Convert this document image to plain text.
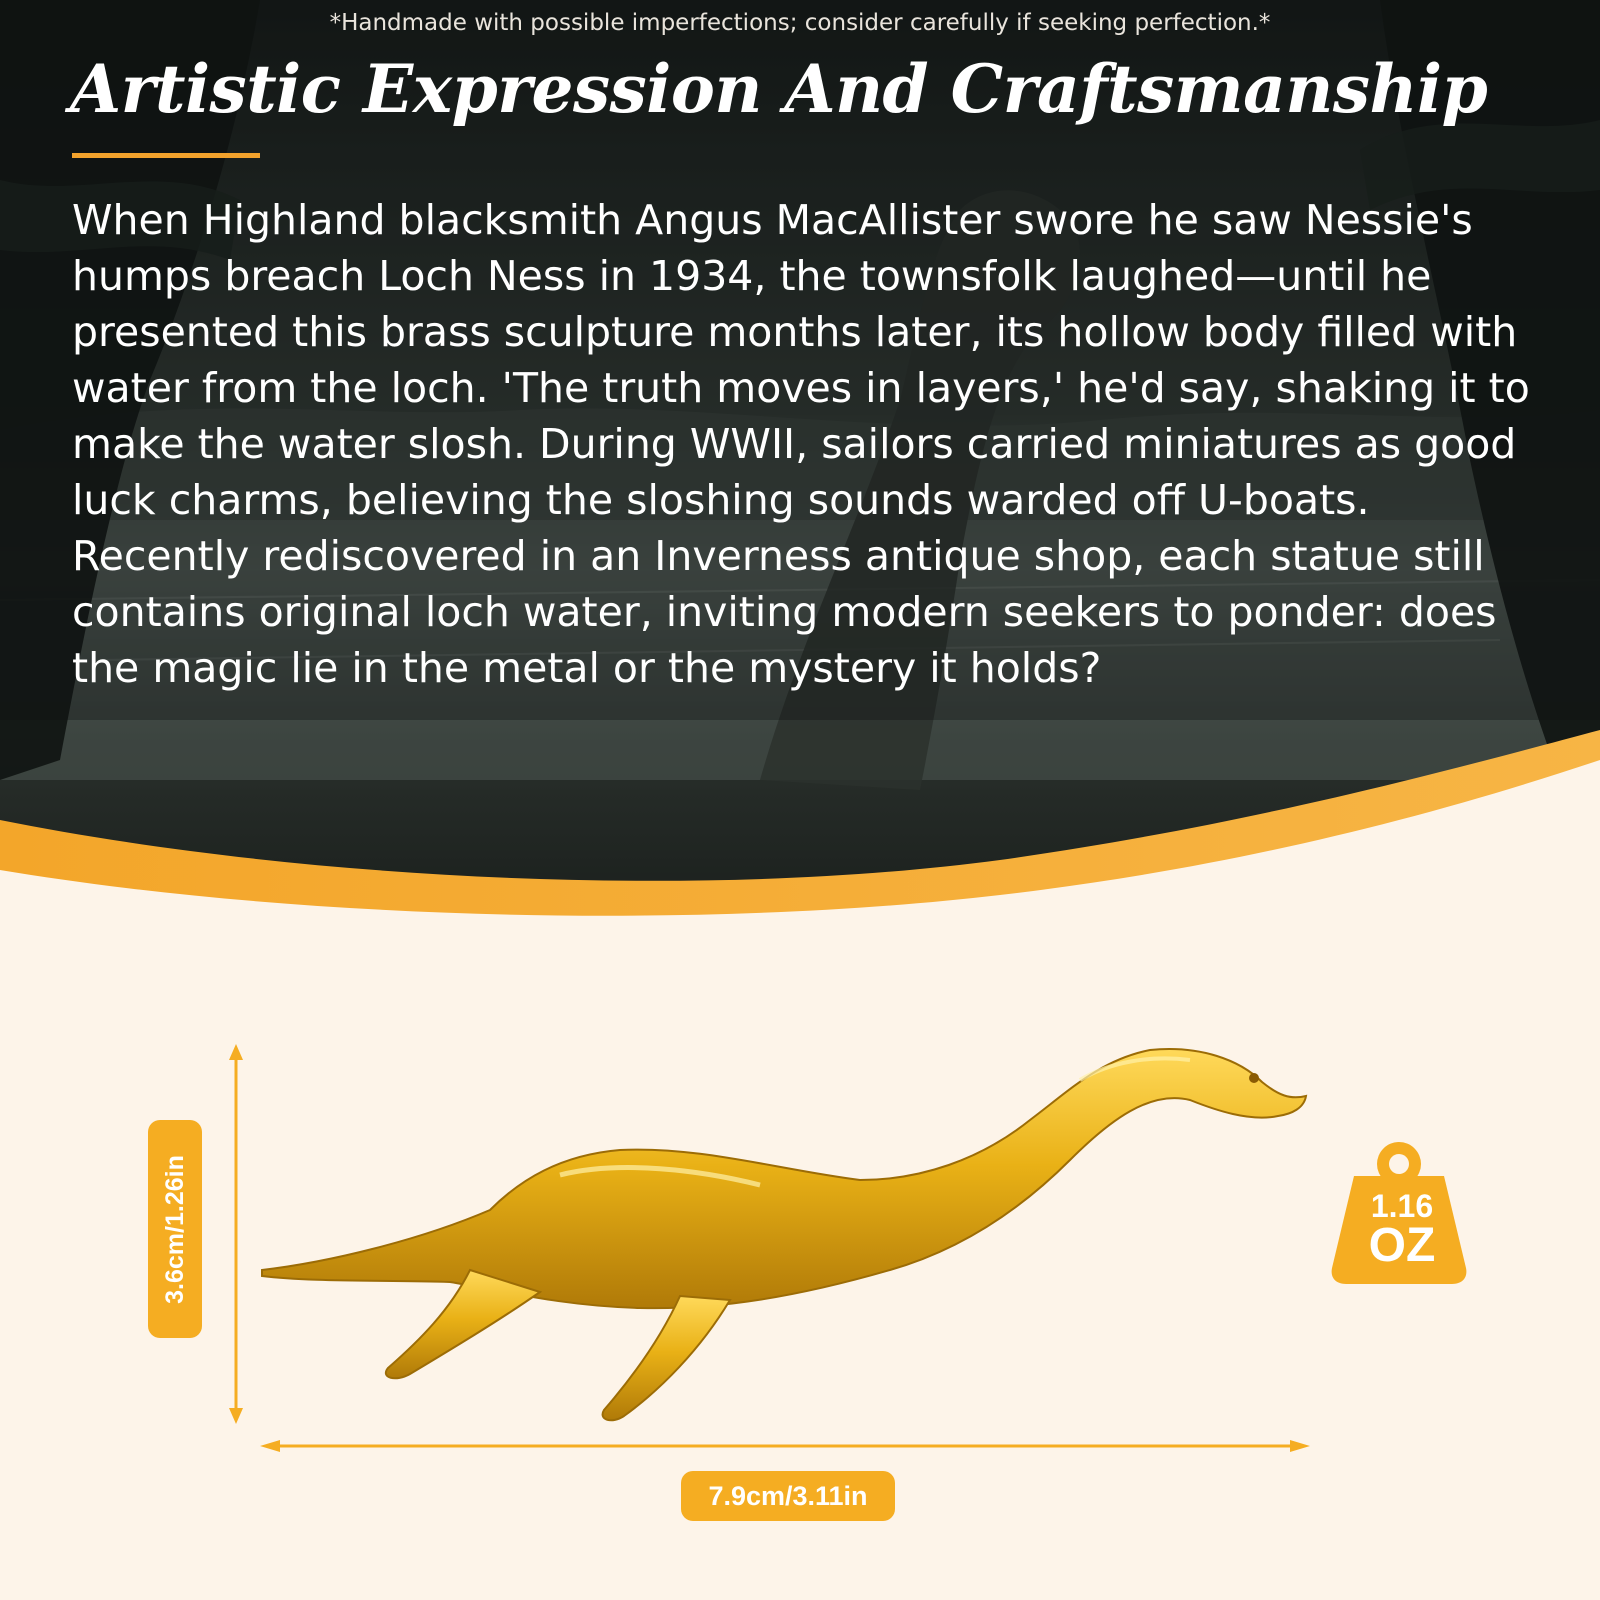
*Handmade with possible imperfections; consider carefully if seeking perfection.*
Artistic Expression And Craftsmanship

When Highland blacksmith Angus MacAllister swore he saw Nessie's humps breach Loch Ness in 1934, the townsfolk laughed—until he presented this brass sculpture months later, its hollow body filled with water from the loch. 'The truth moves in layers,' he'd say, shaking it to make the water slosh. During WWII, sailors carried miniatures as good luck charms, believing the sloshing sounds warded off U-boats. Recently rediscovered in an Inverness antique shop, each statue still contains original loch water, inviting modern seekers to ponder: does the magic lie in the metal or the mystery it holds?

3.6cm/1.26in
7.9cm/3.11in
1.16
OZ
